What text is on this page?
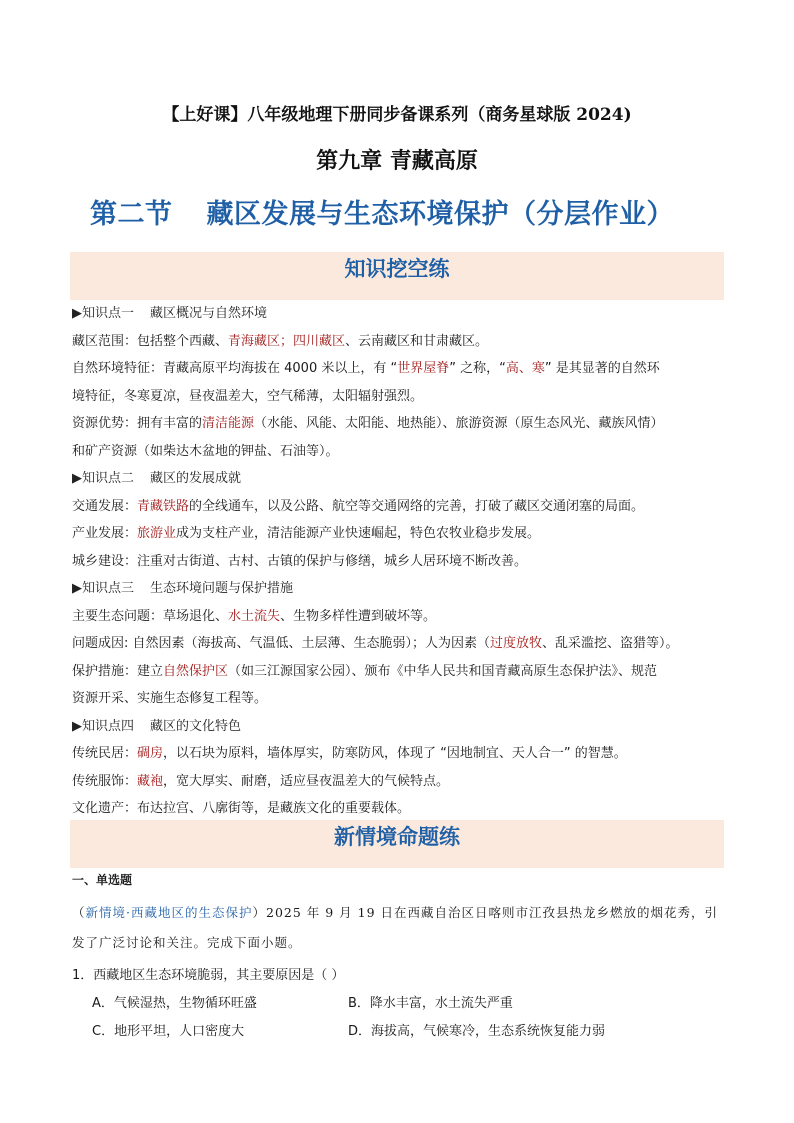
【上好课】八年级地理下册同步备课系列（商务星球版 2024)
第九章 青藏高原
第二节 藏区发展与生态环境保护（分层作业）
知识挖空练
▶知识点一 藏区概况与自然环境
藏区范围：包括整个西藏、青海藏区；四川藏区、云南藏区和甘肃藏区。
自然环境特征：青藏高原平均海拔在 4000 米以上，有 “世界屋脊” 之称，“高、寒” 是其显著的自然环
境特征，冬寒夏凉，昼夜温差大，空气稀薄，太阳辐射强烈。
资源优势：拥有丰富的清洁能源（水能、风能、太阳能、地热能）、旅游资源（原生态风光、藏族风情）
和矿产资源（如柴达木盆地的钾盐、石油等）。
▶知识点二 藏区的发展成就
交通发展：青藏铁路的全线通车，以及公路、航空等交通网络的完善，打破了藏区交通闭塞的局面。
产业发展：旅游业成为支柱产业，清洁能源产业快速崛起，特色农牧业稳步发展。
城乡建设：注重对古街道、古村、古镇的保护与修缮，城乡人居环境不断改善。
▶知识点三 生态环境问题与保护措施
主要生态问题：草场退化、水土流失、生物多样性遭到破坏等。
问题成因: 自然因素（海拔高、气温低、土层薄、生态脆弱）；人为因素（过度放牧、乱采滥挖、盗猎等）。
保护措施：建立自然保护区（如三江源国家公园）、颁布《中华人民共和国青藏高原生态保护法》、规范
资源开采、实施生态修复工程等。
▶知识点四 藏区的文化特色
传统民居：碉房，以石块为原料，墙体厚实，防寒防风，体现了 “因地制宜、天人合一” 的智慧。
传统服饰：藏袍，宽大厚实、耐磨，适应昼夜温差大的气候特点。
文化遗产：布达拉宫、八廓街等，是藏族文化的重要载体。
新情境命题练
一、单选题
（新情境·西藏地区的生态保护）2025 年 9 月 19 日在西藏自治区日喀则市江孜县热龙乡燃放的烟花秀，引
发了广泛讨论和关注。完成下面小题。
1．西藏地区生态环境脆弱，其主要原因是（ ）
A．气候湿热，生物循环旺盛	B．降水丰富，水土流失严重
C．地形平坦，人口密度大	D．海拔高，气候寒冷，生态系统恢复能力弱
